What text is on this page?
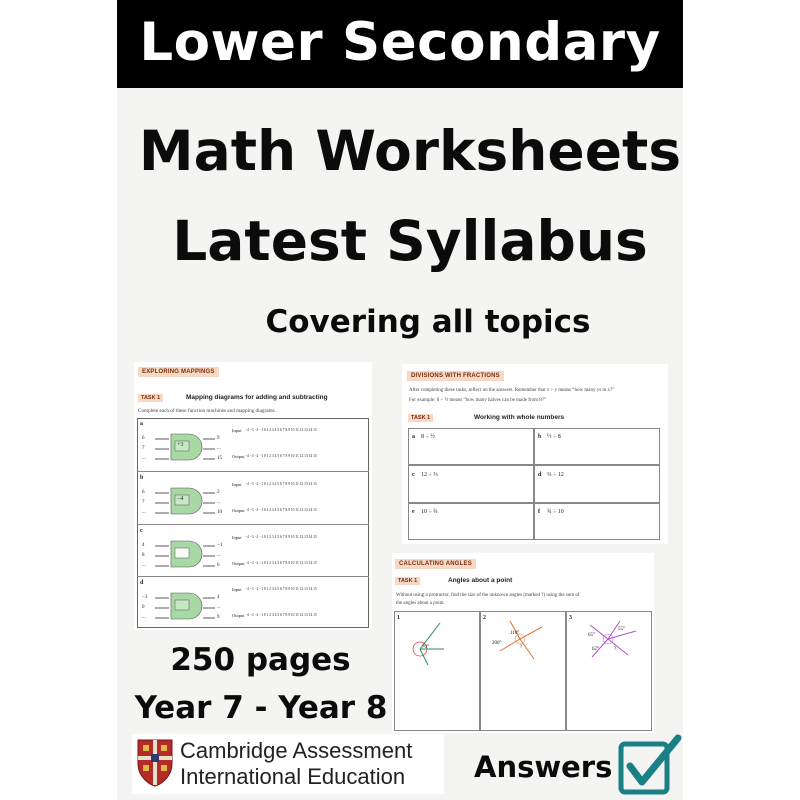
Lower Secondary
Math Worksheets
Latest Syllabus
Covering all topics
EXPLORING MAPPINGS
TASK 1	Mapping diagrams for adding and subtracting
Complete each of these function machines and mapping diagrams.
a
+3
6
7
...
9
...
15
Input −4 −3 −2 −1 0 1 2 3 4 5 6 7 8 9 10 11 12 13 14 15
Output −4 −3 −2 −1 0 1 2 3 4 5 6 7 8 9 10 11 12 13 14 15
b
−4
6
7
...
2
...
10
Input −4 −3 −2 −1 0 1 2 3 4 5 6 7 8 9 10 11 12 13 14 15
Output −4 −3 −2 −1 0 1 2 3 4 5 6 7 8 9 10 11 12 13 14 15
c
4
8
...
−1
...
6
Input −4 −3 −2 −1 0 1 2 3 4 5 6 7 8 9 10 11 12 13 14 15
Output −4 −3 −2 −1 0 1 2 3 4 5 6 7 8 9 10 11 12 13 14 15
d
−3
0
...
4
...
9
Input −4 −3 −2 −1 0 1 2 3 4 5 6 7 8 9 10 11 12 13 14 15
Output −4 −3 −2 −1 0 1 2 3 4 5 6 7 8 9 10 11 12 13 14 15
DIVISIONS WITH FRACTIONS
After completing these tasks, reflect on the answers. Remember that x ÷ y means “how many ys in x?”
For example: 8 ÷ ½ means “how many halves can be made from 8?”
TASK 1	Working with whole numbers
a 8 ÷ ½	b ½ ÷ 8
c 12 ÷ ⅔	d ⅔ ÷ 12
e 10 ÷ ¾	f ¾ ÷ 10
CALCULATING ANGLES
TASK 1	Angles about a point
Without using a protractor, find the size of the unknown angles (marked ?) using the sum of
the angles about a point.
1	2	3
70°
110°
200°
?
55°
65°
62°	?
250 pages
Year 7 - Year 8
Cambridge Assessment
International Education Answers
